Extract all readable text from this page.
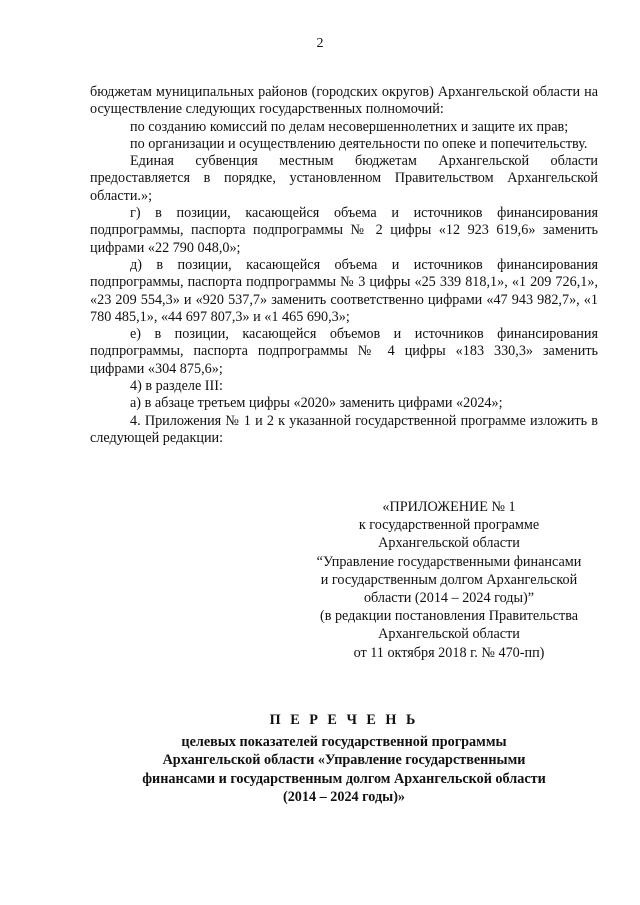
2

бюджетам муниципальных районов (городских округов) Архангельской области на осуществление следующих государственных полномочий:

по созданию комиссий по делам несовершеннолетних и защите их прав;

по организации и осуществлению деятельности по опеке и попечительству.

Единая субвенция местным бюджетам Архангельской области предоставляется в порядке, установленном Правительством Архангельской области.»;

г) в позиции, касающейся объема и источников финансирования подпрограммы, паспорта подпрограммы № 2 цифры «12 923 619,6» заменить цифрами «22 790 048,0»;

д) в позиции, касающейся объема и источников финансирования подпрограммы, паспорта подпрограммы № 3 цифры «25 339 818,1», «1 209 726,1», «23 209 554,3» и «920 537,7» заменить соответственно цифрами «47 943 982,7», «1 780 485,1», «44 697 807,3» и «1 465 690,3»;

е) в позиции, касающейся объемов и источников финансирования подпрограммы, паспорта подпрограммы № 4 цифры «183 330,3» заменить цифрами «304 875,6»;

4) в разделе III:

а) в абзаце третьем цифры «2020» заменить цифрами «2024»;

4. Приложения № 1 и 2 к указанной государственной программе изложить в следующей редакции:

«ПРИЛОЖЕНИЕ № 1
к государственной программе
Архангельской области
“Управление государственными финансами
и государственным долгом Архангельской
области (2014 – 2024 годы)”
(в редакции постановления Правительства
Архангельской области
от 11 октября 2018 г. № 470-пп)
П Е Р Е Ч Е Н Ь
целевых показателей государственной программы
Архангельской области «Управление государственными
финансами и государственным долгом Архангельской области
(2014 – 2024 годы)»
